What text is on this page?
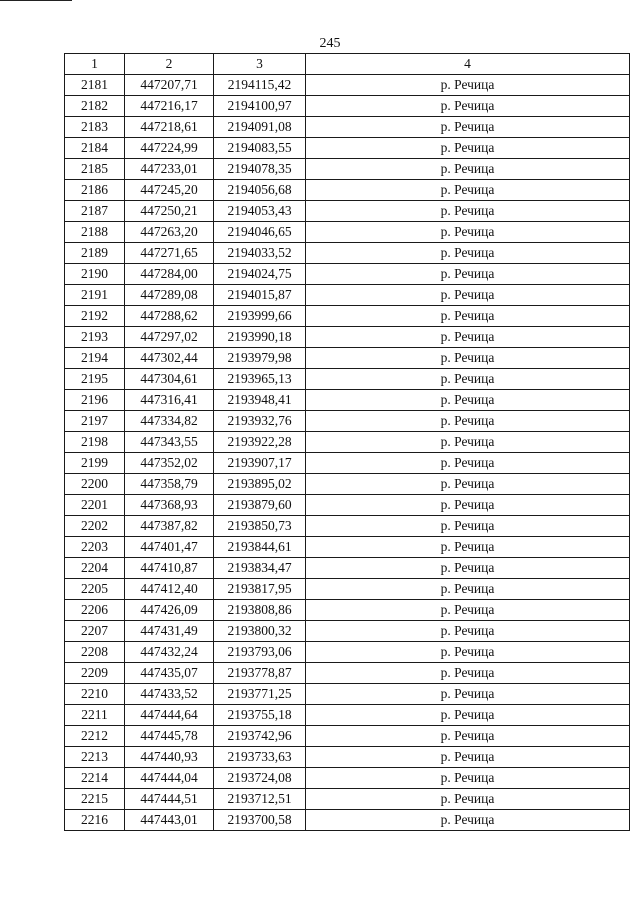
245
1	2	3	4
2181	447207,71	2194115,42	р. Речица
2182	447216,17	2194100,97	р. Речица
2183	447218,61	2194091,08	р. Речица
2184	447224,99	2194083,55	р. Речица
2185	447233,01	2194078,35	р. Речица
2186	447245,20	2194056,68	р. Речица
2187	447250,21	2194053,43	р. Речица
2188	447263,20	2194046,65	р. Речица
2189	447271,65	2194033,52	р. Речица
2190	447284,00	2194024,75	р. Речица
2191	447289,08	2194015,87	р. Речица
2192	447288,62	2193999,66	р. Речица
2193	447297,02	2193990,18	р. Речица
2194	447302,44	2193979,98	р. Речица
2195	447304,61	2193965,13	р. Речица
2196	447316,41	2193948,41	р. Речица
2197	447334,82	2193932,76	р. Речица
2198	447343,55	2193922,28	р. Речица
2199	447352,02	2193907,17	р. Речица
2200	447358,79	2193895,02	р. Речица
2201	447368,93	2193879,60	р. Речица
2202	447387,82	2193850,73	р. Речица
2203	447401,47	2193844,61	р. Речица
2204	447410,87	2193834,47	р. Речица
2205	447412,40	2193817,95	р. Речица
2206	447426,09	2193808,86	р. Речица
2207	447431,49	2193800,32	р. Речица
2208	447432,24	2193793,06	р. Речица
2209	447435,07	2193778,87	р. Речица
2210	447433,52	2193771,25	р. Речица
2211	447444,64	2193755,18	р. Речица
2212	447445,78	2193742,96	р. Речица
2213	447440,93	2193733,63	р. Речица
2214	447444,04	2193724,08	р. Речица
2215	447444,51	2193712,51	р. Речица
2216	447443,01	2193700,58	р. Речица
